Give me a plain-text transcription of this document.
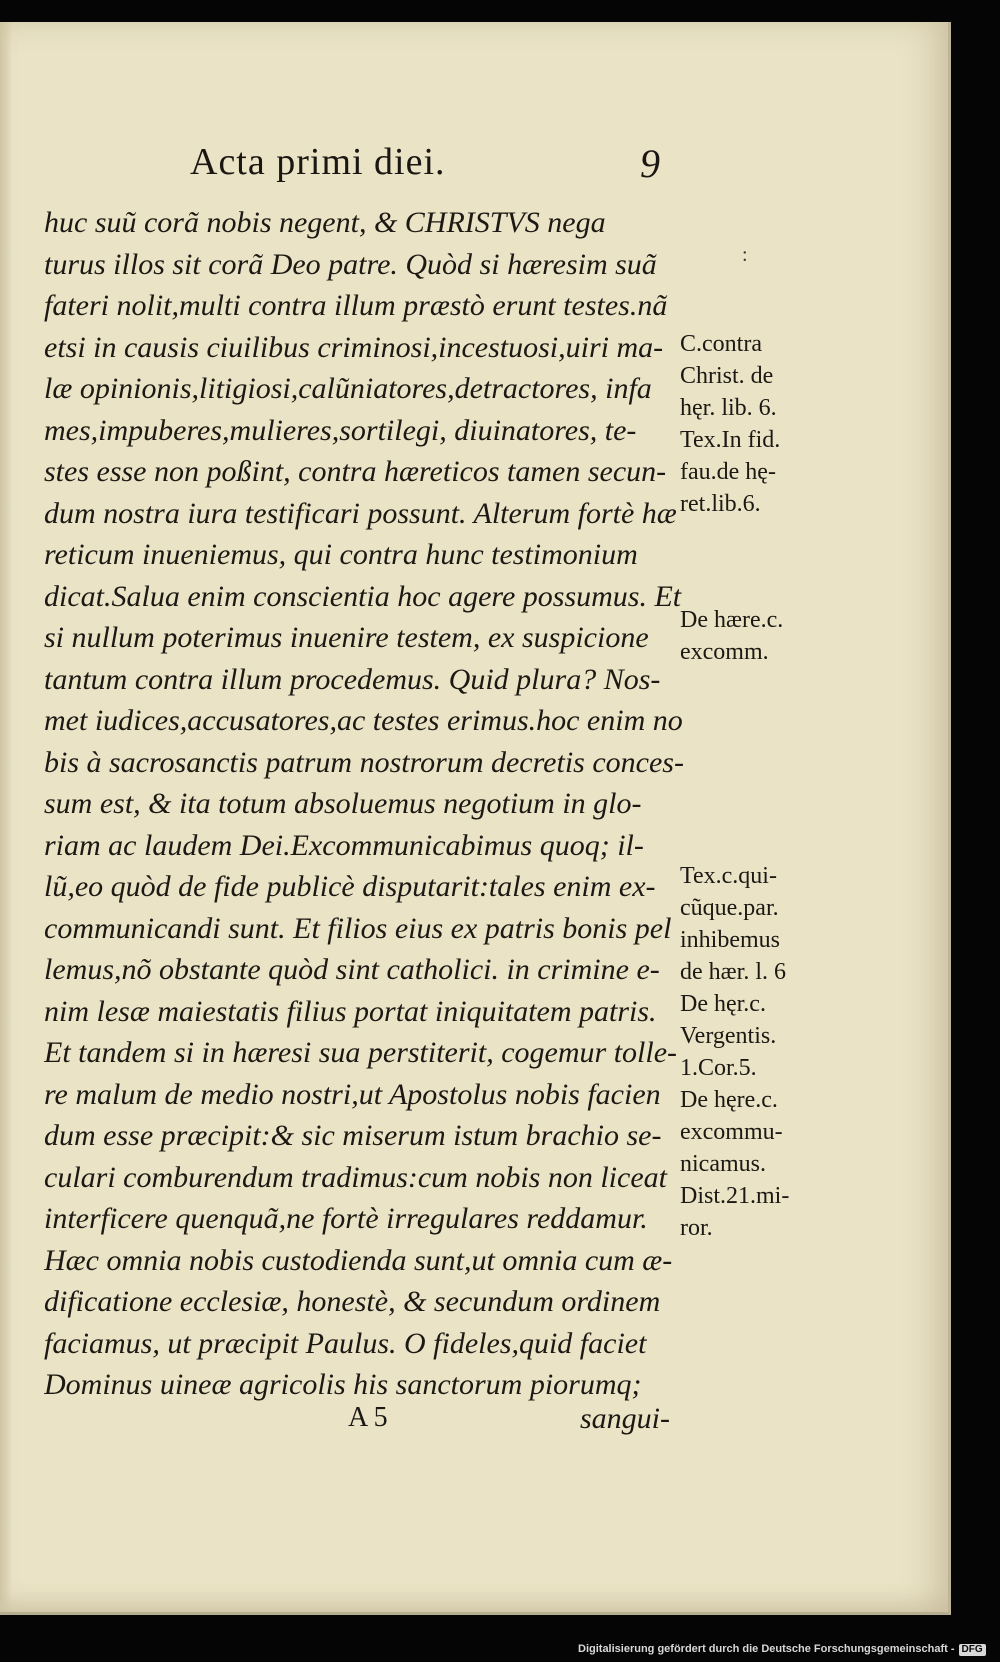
Acta primi diei.	9
:
huc suũ corã nobis negent, & CHRISTVS nega
turus illos sit corã Deo patre. Quòd si hæresim suã
fateri nolit,multi contra illum præstò erunt testes.nã
etsi in causis ciuilibus criminosi,incestuosi,uiri ma-
læ opinionis,litigiosi,calũniatores,detractores, infa
mes,impuberes,mulieres,sortilegi, diuinatores, te-
stes esse non poßint, contra hæreticos tamen secun-
dum nostra iura testificari possunt. Alterum fortè hæ
reticum inueniemus, qui contra hunc testimonium
dicat.Salua enim conscientia hoc agere possumus. Et
si nullum poterimus inuenire testem, ex suspicione
tantum contra illum procedemus. Quid plura? Nos-
met iudices,accusatores,ac testes erimus.hoc enim no
bis à sacrosanctis patrum nostrorum decretis conces-
sum est, & ita totum absoluemus negotium in glo-
riam ac laudem Dei.Excommunicabimus quoq; il-
lũ,eo quòd de fide publicè disputarit:tales enim ex-
communicandi sunt. Et filios eius ex patris bonis pel
lemus,nõ obstante quòd sint catholici. in crimine e-
nim lesæ maiestatis filius portat iniquitatem patris.
Et tandem si in hæresi sua perstiterit, cogemur tolle-
re malum de medio nostri,ut Apostolus nobis facien
dum esse præcipit:& sic miserum istum brachio se-
culari comburendum tradimus:cum nobis non liceat
interficere quenquã,ne fortè irregulares reddamur.
Hæc omnia nobis custodienda sunt,ut omnia cum æ-
dificatione ecclesiæ, honestè, & secundum ordinem
faciamus, ut præcipit Paulus. O fideles,quid faciet
Dominus uineæ agricolis his sanctorum piorumq;
C.contra
Christ. de
hęr. lib. 6.
Tex.In fid.
fau.de hę-
ret.lib.6.
De hære.c.
excomm.
Tex.c.qui-
cũque.par.
inhibemus
de hær. l. 6
De hęr.c.
Vergentis.
1.Cor.5.
De hęre.c.
excommu-
nicamus.
Dist.21.mi-
ror.
A 5	sangui-
Digitalisierung gefördert durch die Deutsche Forschungsgemeinschaft - DFG
